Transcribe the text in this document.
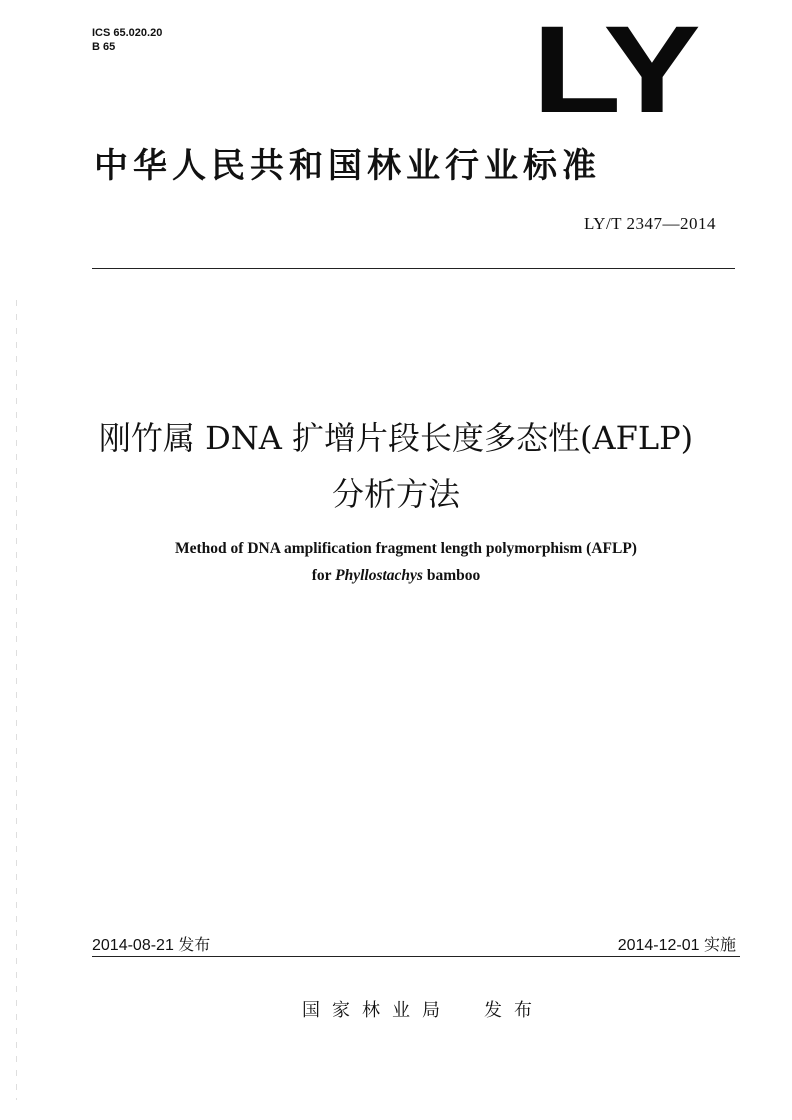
ICS 65.020.20
B 65	LY
中华人民共和国林业行业标准
LY/T 2347—2014
刚竹属 DNA 扩增片段长度多态性(AFLP)
分析方法
Method of DNA amplification fragment length polymorphism (AFLP)
for Phyllostachys bamboo
2014-08-21 发布	2014-12-01 实施
国家林业局 发布
